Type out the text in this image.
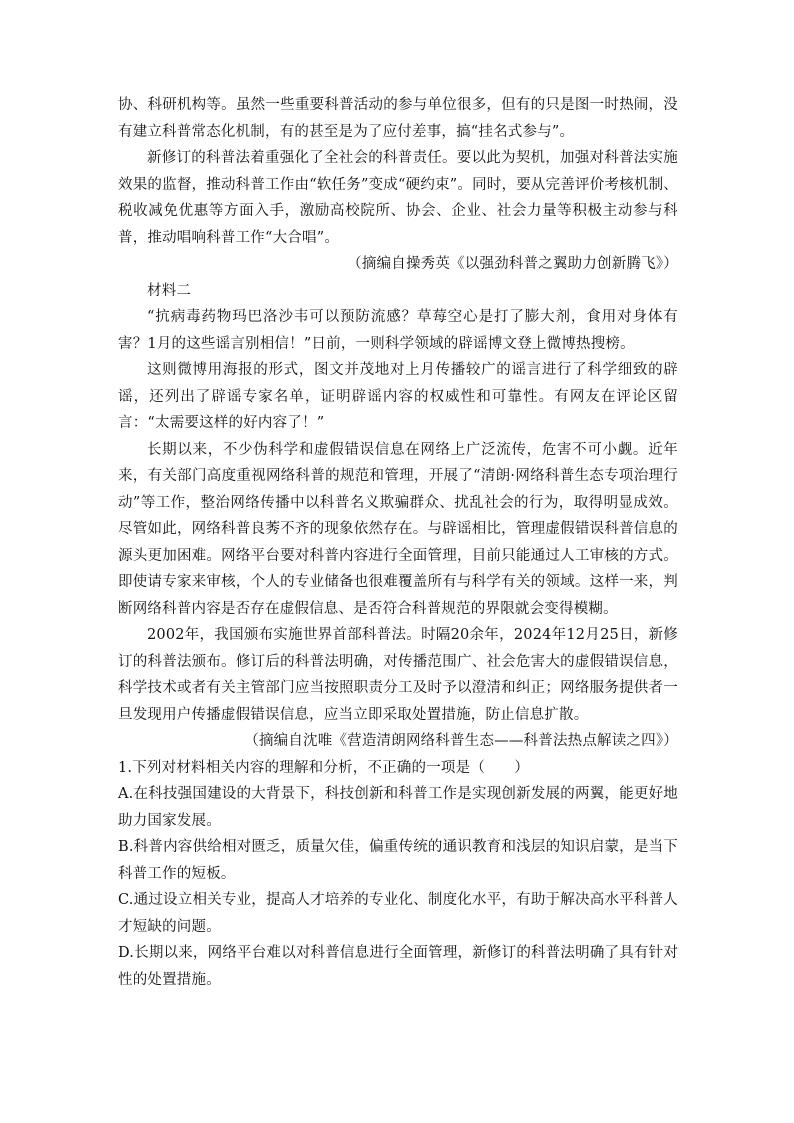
协、科研机构等。虽然一些重要科普活动的参与单位很多，但有的只是图一时热闹，没有建立科普常态化机制，有的甚至是为了应付差事，搞“挂名式参与”。

新修订的科普法着重强化了全社会的科普责任。要以此为契机，加强对科普法实施效果的监督，推动科普工作由“软任务”变成“硬约束”。同时，要从完善评价考核机制、税收减免优惠等方面入手，激励高校院所、协会、企业、社会力量等积极主动参与科普，推动唱响科普工作“大合唱”。

（摘编自操秀英《以强劲科普之翼助力创新腾飞》）

材料二

“抗病毒药物玛巴洛沙韦可以预防流感？草莓空心是打了膨大剂，食用对身体有害？1月的这些谣言别相信！”日前，一则科学领域的辟谣博文登上微博热搜榜。

这则微博用海报的形式，图文并茂地对上月传播较广的谣言进行了科学细致的辟谣，还列出了辟谣专家名单，证明辟谣内容的权威性和可靠性。有网友在评论区留言：“太需要这样的好内容了！”

长期以来，不少伪科学和虚假错误信息在网络上广泛流传，危害不可小觑。近年来，有关部门高度重视网络科普的规范和管理，开展了“清朗·网络科普生态专项治理行动”等工作，整治网络传播中以科普名义欺骗群众、扰乱社会的行为，取得明显成效。尽管如此，网络科普良莠不齐的现象依然存在。与辟谣相比，管理虚假错误科普信息的源头更加困难。网络平台要对科普内容进行全面管理，目前只能通过人工审核的方式。即使请专家来审核，个人的专业储备也很难覆盖所有与科学有关的领域。这样一来，判断网络科普内容是否存在虚假信息、是否符合科普规范的界限就会变得模糊。

2002年，我国颁布实施世界首部科普法。时隔20余年，2024年12月25日，新修订的科普法颁布。修订后的科普法明确，对传播范围广、社会危害大的虚假错误信息，科学技术或者有关主管部门应当按照职责分工及时予以澄清和纠正；网络服务提供者一旦发现用户传播虚假错误信息，应当立即采取处置措施，防止信息扩散。

（摘编自沈唯《营造清朗网络科普生态——科普法热点解读之四》）

1.下列对材料相关内容的理解和分析，不正确的一项是（　　）

A.在科技强国建设的大背景下，科技创新和科普工作是实现创新发展的两翼，能更好地助力国家发展。

B.科普内容供给相对匮乏，质量欠佳，偏重传统的通识教育和浅层的知识启蒙，是当下科普工作的短板。

C.通过设立相关专业，提高人才培养的专业化、制度化水平，有助于解决高水平科普人才短缺的问题。

D.长期以来，网络平台难以对科普信息进行全面管理，新修订的科普法明确了具有针对性的处置措施。
